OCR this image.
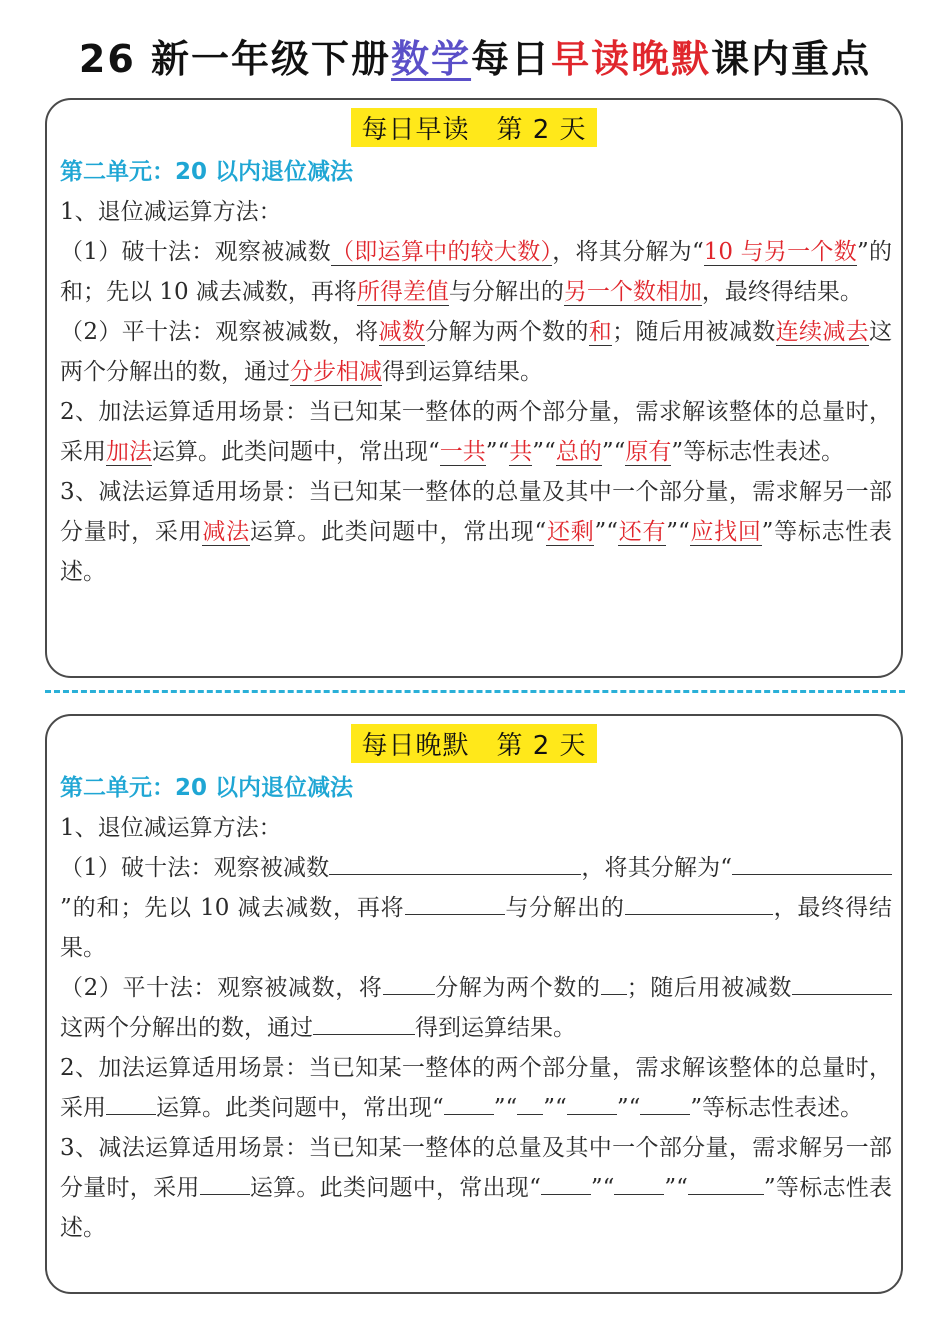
26 新一年级下册数学每日早读晚默课内重点
每日早读　第 2 天

第二单元：20 以内退位减法

1、退位减运算方法：

（1）破十法：观察被减数（即运算中的较大数），将其分解为“10 与另一个数”的和；先以 10 减去减数，再将所得差值与分解出的另一个数相加，最终得结果。

（2）平十法：观察被减数，将减数分解为两个数的和；随后用被减数连续减去这两个分解出的数，通过分步相减得到运算结果。

2、加法运算适用场景：当已知某一整体的两个部分量，需求解该整体的总量时，采用加法运算。此类问题中，常出现“一共”“共”“总的”“原有”等标志性表述。

3、减法运算适用场景：当已知某一整体的总量及其中一个部分量，需求解另一部分量时，采用减法运算。此类问题中，常出现“还剩”“还有”“应找回”等标志性表述。

每日晚默　第 2 天

第二单元：20 以内退位减法

1、退位减运算方法：

（1）破十法：观察被减数	，将其分解为“”的和；先以 10 减去减数，再将	与分解出的	，最终得结果。

（2）平十法：观察被减数，将 分解为两个数的 ；随后用被减数这两个分解出的数，通过	得到运算结果。

2、加法运算适用场景：当已知某一整体的两个部分量，需求解该整体的总量时，采用 运算。此类问题中，常出现“ ”“ ”“ ”“ ”等标志性表述。

3、减法运算适用场景：当已知某一整体的总量及其中一个部分量，需求解另一部分量时，采用 运算。此类问题中，常出现“ ”“ ”“	”等标志性表述。
